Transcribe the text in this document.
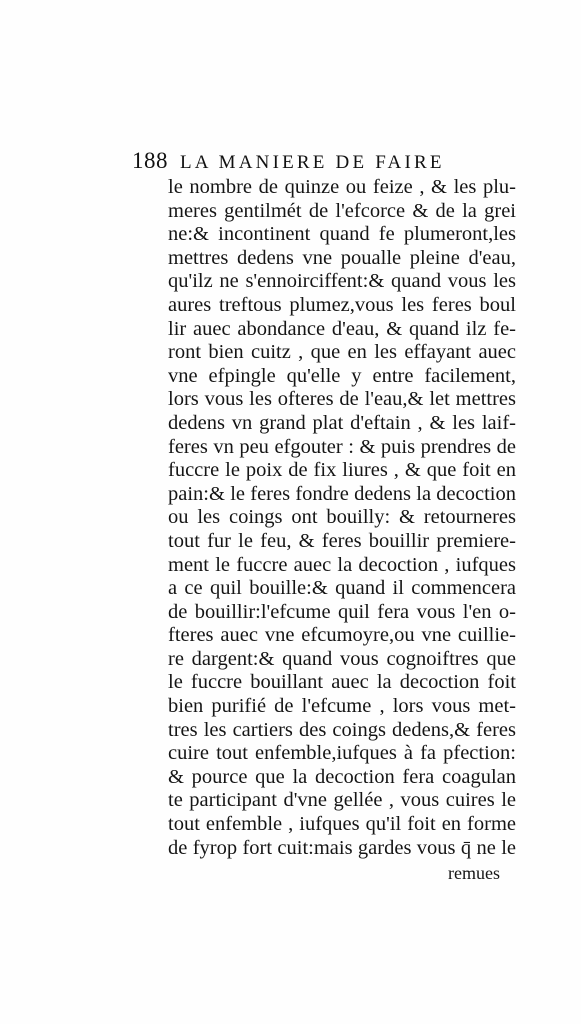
188 LA MANIERE DE FAIRE
le nombre de quinze ou feize , & les plu-
meres gentilmét de l'efcorce & de la grei
ne:& incontinent quand fe plumeront,les
mettres dedens vne poualle pleine d'eau,
qu'ilz ne s'ennoirciffent:& quand vous les
aures treftous plumez,vous les feres boul
lir auec abondance d'eau, & quand ilz fe-
ront bien cuitz , que en les effayant auec
vne efpingle qu'elle y entre facilement,
lors vous les ofteres de l'eau,& let mettres
dedens vn grand plat d'eftain , & les laif-
feres vn peu efgouter : & puis prendres de
fuccre le poix de fix liures , & que foit en
pain:& le feres fondre dedens la decoction
ou les coings ont bouilly: & retourneres
tout fur le feu, & feres bouillir premiere-
ment le fuccre auec la decoction , iufques
a ce quil bouille:& quand il commencera
de bouillir:l'efcume quil fera vous l'en o-
fteres auec vne efcumoyre,ou vne cuillie-
re dargent:& quand vous cognoiftres que
le fuccre bouillant auec la decoction foit
bien purifié de l'efcume , lors vous met-
tres les cartiers des coings dedens,& feres
cuire tout enfemble,iufques à fa pfection:
& pource que la decoction fera coagulan
te participant d'vne gellée , vous cuires le
tout enfemble , iufques qu'il foit en forme
de fyrop fort cuit:mais gardes vous q̄ ne le
remues
